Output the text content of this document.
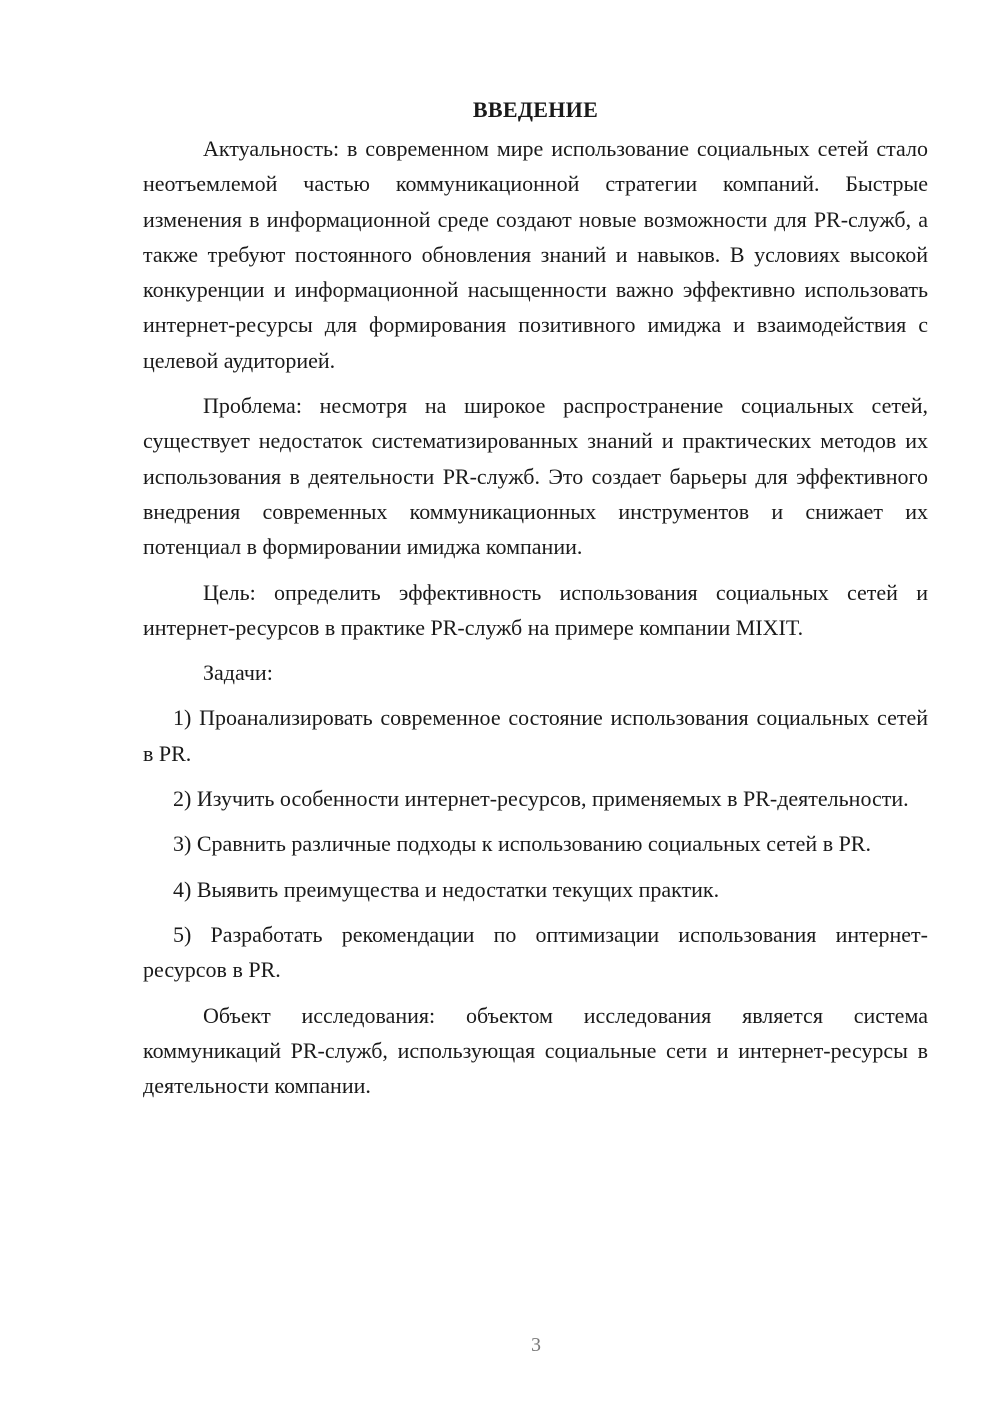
ВВЕДЕНИЕ

Актуальность: в современном мире использование социальных сетей стало неотъемлемой частью коммуникационной стратегии компаний. Быстрые изменения в информационной среде создают новые возможности для PR-служб, а также требуют постоянного обновления знаний и навыков. В условиях высокой конкуренции и информационной насыщенности важно эффективно использовать интернет-ресурсы для формирования позитивного имиджа и взаимодействия с целевой аудиторией.

Проблема: несмотря на широкое распространение социальных сетей, существует недостаток систематизированных знаний и практических методов их использования в деятельности PR-служб. Это создает барьеры для эффективного внедрения современных коммуникационных инструментов и снижает их потенциал в формировании имиджа компании.

Цель: определить эффективность использования социальных сетей и интернет-ресурсов в практике PR-служб на примере компании MIXIT.

Задачи:

1) Проанализировать современное состояние использования социальных сетей в PR.

2) Изучить особенности интернет-ресурсов, применяемых в PR-деятельности.

3) Сравнить различные подходы к использованию социальных сетей в PR.

4) Выявить преимущества и недостатки текущих практик.

5) Разработать рекомендации по оптимизации использования интернет-ресурсов в PR.

Объект исследования: объектом исследования является система коммуникаций PR-служб, использующая социальные сети и интернет-ресурсы в деятельности компании.

3
